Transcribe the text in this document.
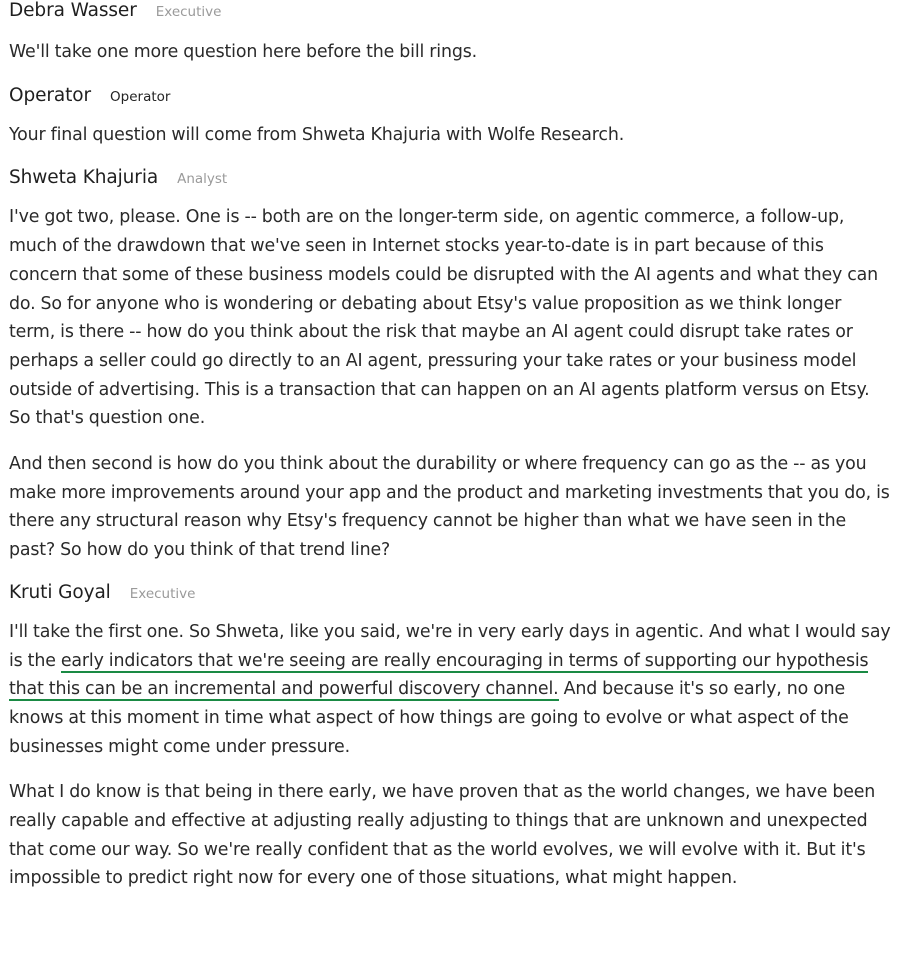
Debra Wasser Executive

We'll take one more question here before the bill rings.

Operator Operator

Your final question will come from Shweta Khajuria with Wolfe Research.

Shweta Khajuria Analyst

I've got two, please. One is -- both are on the longer-term side, on agentic commerce, a follow-up, much of the drawdown that we've seen in Internet stocks year-to-date is in part because of this concern that some of these business models could be disrupted with the AI agents and what they can do. So for anyone who is wondering or debating about Etsy's value proposition as we think longer term, is there -- how do you think about the risk that maybe an AI agent could disrupt take rates or perhaps a seller could go directly to an AI agent, pressuring your take rates or your business model outside of advertising. This is a transaction that can happen on an AI agents platform versus on Etsy. So that's question one.

And then second is how do you think about the durability or where frequency can go as the -- as you make more improvements around your app and the product and marketing investments that you do, is there any structural reason why Etsy's frequency cannot be higher than what we have seen in the past? So how do you think of that trend line?

Kruti Goyal Executive

I'll take the first one. So Shweta, like you said, we're in very early days in agentic. And what I would say is the early indicators that we're seeing are really encouraging in terms of supporting our hypothesis that this can be an incremental and powerful discovery channel. And because it's so early, no one knows at this moment in time what aspect of how things are going to evolve or what aspect of the businesses might come under pressure.

What I do know is that being in there early, we have proven that as the world changes, we have been really capable and effective at adjusting really adjusting to things that are unknown and unexpected that come our way. So we're really confident that as the world evolves, we will evolve with it. But it's impossible to predict right now for every one of those situations, what might happen.
